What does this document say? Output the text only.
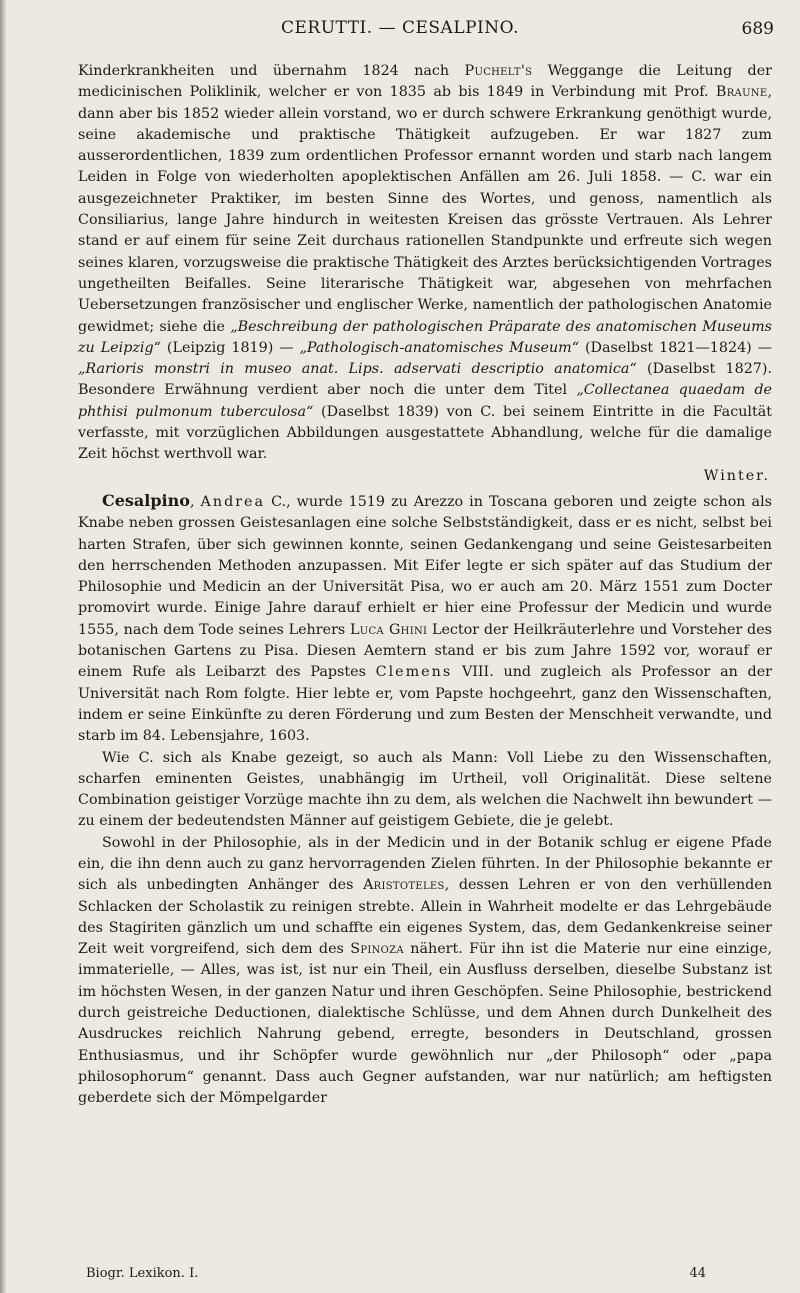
CERUTTI. — CESALPINO.	689

Kinderkrankheiten und übernahm 1824 nach Puchelt's Weggange die Leitung der medicinischen Poliklinik, welcher er von 1835 ab bis 1849 in Verbindung mit Prof. Braune, dann aber bis 1852 wieder allein vorstand, wo er durch schwere Erkrankung genöthigt wurde, seine akademische und praktische Thätigkeit aufzugeben. Er war 1827 zum ausserordentlichen, 1839 zum ordentlichen Professor ernannt worden und starb nach langem Leiden in Folge von wiederholten apoplektischen Anfällen am 26. Juli 1858. — C. war ein ausgezeichneter Praktiker, im besten Sinne des Wortes, und genoss, namentlich als Consiliarius, lange Jahre hindurch in weitesten Kreisen das grösste Vertrauen. Als Lehrer stand er auf einem für seine Zeit durchaus rationellen Standpunkte und erfreute sich wegen seines klaren, vorzugsweise die praktische Thätigkeit des Arztes berücksichtigenden Vortrages ungetheilten Beifalles. Seine literarische Thätigkeit war, abgesehen von mehrfachen Uebersetzungen französischer und englischer Werke, namentlich der pathologischen Anatomie gewidmet; siehe die „Beschreibung der pathologischen Präparate des anatomischen Museums zu Leipzig“ (Leipzig 1819) — „Pathologisch-anatomisches Museum“ (Daselbst 1821—1824) — „Rarioris monstri in museo anat. Lips. adservati descriptio anatomica“ (Daselbst 1827). Besondere Erwähnung verdient aber noch die unter dem Titel „Collectanea quaedam de phthisi pulmonum tuberculosa“ (Daselbst 1839) von C. bei seinem Eintritte in die Facultät verfasste, mit vorzüglichen Abbildungen ausgestattete Abhandlung, welche für die damalige Zeit höchst werthvoll war.

Winter.

Cesalpino, Andrea C., wurde 1519 zu Arezzo in Toscana geboren und zeigte schon als Knabe neben grossen Geistesanlagen eine solche Selbstständigkeit, dass er es nicht, selbst bei harten Strafen, über sich gewinnen konnte, seinen Gedankengang und seine Geistesarbeiten den herrschenden Methoden anzupassen. Mit Eifer legte er sich später auf das Studium der Philosophie und Medicin an der Universität Pisa, wo er auch am 20. März 1551 zum Docter promovirt wurde. Einige Jahre darauf erhielt er hier eine Professur der Medicin und wurde 1555, nach dem Tode seines Lehrers Luca Ghini Lector der Heilkräuterlehre und Vorsteher des botanischen Gartens zu Pisa. Diesen Aemtern stand er bis zum Jahre 1592 vor, worauf er einem Rufe als Leibarzt des Papstes Clemens VIII. und zugleich als Professor an der Universität nach Rom folgte. Hier lebte er, vom Papste hochgeehrt, ganz den Wissenschaften, indem er seine Einkünfte zu deren Förderung und zum Besten der Menschheit verwandte, und starb im 84. Lebensjahre, 1603.

Wie C. sich als Knabe gezeigt, so auch als Mann: Voll Liebe zu den Wissenschaften, scharfen eminenten Geistes, unabhängig im Urtheil, voll Originalität. Diese seltene Combination geistiger Vorzüge machte ihn zu dem, als welchen die Nachwelt ihn bewundert — zu einem der bedeutendsten Männer auf geistigem Gebiete, die je gelebt.

Sowohl in der Philosophie, als in der Medicin und in der Botanik schlug er eigene Pfade ein, die ihn denn auch zu ganz hervorragenden Zielen führten. In der Philosophie bekannte er sich als unbedingten Anhänger des Aristoteles, dessen Lehren er von den verhüllenden Schlacken der Scholastik zu reinigen strebte. Allein in Wahrheit modelte er das Lehrgebäude des Stagiriten gänzlich um und schaffte ein eigenes System, das, dem Gedankenkreise seiner Zeit weit vorgreifend, sich dem des Spinoza nähert. Für ihn ist die Materie nur eine einzige, immaterielle, — Alles, was ist, ist nur ein Theil, ein Ausfluss derselben, dieselbe Substanz ist im höchsten Wesen, in der ganzen Natur und ihren Geschöpfen. Seine Philosophie, bestrickend durch geistreiche Deductionen, dialektische Schlüsse, und dem Ahnen durch Dunkelheit des Ausdruckes reichlich Nahrung gebend, erregte, besonders in Deutschland, grossen Enthusiasmus, und ihr Schöpfer wurde gewöhnlich nur „der Philosoph“ oder „papa philosophorum“ genannt. Dass auch Gegner aufstanden, war nur natürlich; am heftigsten geberdete sich der Mömpelgarder

Biogr. Lexikon. I.	44
